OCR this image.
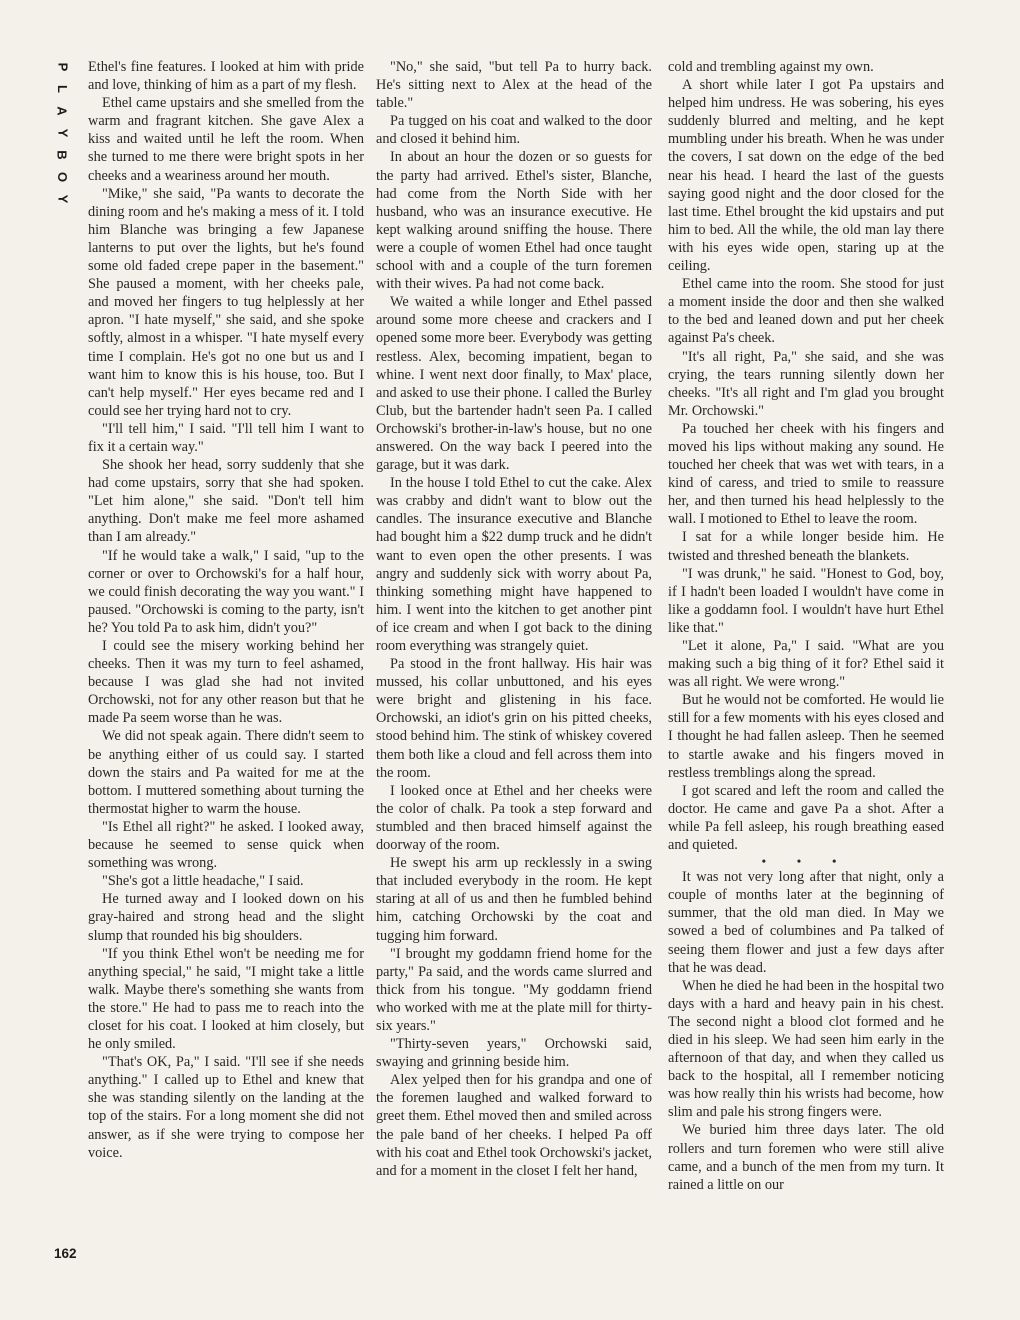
P
L
A
Y
B
O
Y
162

Ethel's fine features. I looked at him with pride and love, thinking of him as a part of my flesh.

Ethel came upstairs and she smelled from the warm and fragrant kitchen. She gave Alex a kiss and waited until he left the room. When she turned to me there were bright spots in her cheeks and a weariness around her mouth.

"Mike," she said, "Pa wants to decorate the dining room and he's making a mess of it. I told him Blanche was bringing a few Japanese lanterns to put over the lights, but he's found some old faded crepe paper in the basement." She paused a moment, with her cheeks pale, and moved her fingers to tug helplessly at her apron. "I hate myself," she said, and she spoke softly, almost in a whisper. "I hate myself every time I complain. He's got no one but us and I want him to know this is his house, too. But I can't help myself." Her eyes became red and I could see her trying hard not to cry.

"I'll tell him," I said. "I'll tell him I want to fix it a certain way."

She shook her head, sorry suddenly that she had come upstairs, sorry that she had spoken. "Let him alone," she said. "Don't tell him anything. Don't make me feel more ashamed than I am already."

"If he would take a walk," I said, "up to the corner or over to Orchowski's for a half hour, we could finish decorating the way you want." I paused. "Orchowski is coming to the party, isn't he? You told Pa to ask him, didn't you?"

I could see the misery working behind her cheeks. Then it was my turn to feel ashamed, because I was glad she had not invited Orchowski, not for any other reason but that he made Pa seem worse than he was.

We did not speak again. There didn't seem to be anything either of us could say. I started down the stairs and Pa waited for me at the bottom. I muttered something about turning the thermostat higher to warm the house.

"Is Ethel all right?" he asked. I looked away, because he seemed to sense quick when something was wrong.

"She's got a little headache," I said.

He turned away and I looked down on his gray-haired and strong head and the slight slump that rounded his big shoulders.

"If you think Ethel won't be needing me for anything special," he said, "I might take a little walk. Maybe there's something she wants from the store." He had to pass me to reach into the closet for his coat. I looked at him closely, but he only smiled.

"That's OK, Pa," I said. "I'll see if she needs anything." I called up to Ethel and knew that she was standing silently on the landing at the top of the stairs. For a long moment she did not answer, as if she were trying to compose her voice.

"No," she said, "but tell Pa to hurry back. He's sitting next to Alex at the head of the table."

Pa tugged on his coat and walked to the door and closed it behind him.

In about an hour the dozen or so guests for the party had arrived. Ethel's sister, Blanche, had come from the North Side with her husband, who was an insurance executive. He kept walking around sniffing the house. There were a couple of women Ethel had once taught school with and a couple of the turn foremen with their wives. Pa had not come back.

We waited a while longer and Ethel passed around some more cheese and crackers and I opened some more beer. Everybody was getting restless. Alex, becoming impatient, began to whine. I went next door finally, to Max' place, and asked to use their phone. I called the Burley Club, but the bartender hadn't seen Pa. I called Orchowski's brother-in-law's house, but no one answered. On the way back I peered into the garage, but it was dark.

In the house I told Ethel to cut the cake. Alex was crabby and didn't want to blow out the candles. The insurance executive and Blanche had bought him a $22 dump truck and he didn't want to even open the other presents. I was angry and suddenly sick with worry about Pa, thinking something might have happened to him. I went into the kitchen to get another pint of ice cream and when I got back to the dining room everything was strangely quiet.

Pa stood in the front hallway. His hair was mussed, his collar unbuttoned, and his eyes were bright and glistening in his face. Orchowski, an idiot's grin on his pitted cheeks, stood behind him. The stink of whiskey covered them both like a cloud and fell across them into the room.

I looked once at Ethel and her cheeks were the color of chalk. Pa took a step forward and stumbled and then braced himself against the doorway of the room.

He swept his arm up recklessly in a swing that included everybody in the room. He kept staring at all of us and then he fumbled behind him, catching Orchowski by the coat and tugging him forward.

"I brought my goddamn friend home for the party," Pa said, and the words came slurred and thick from his tongue. "My goddamn friend who worked with me at the plate mill for thirty-six years."

"Thirty-seven years," Orchowski said, swaying and grinning beside him.

Alex yelped then for his grandpa and one of the foremen laughed and walked forward to greet them. Ethel moved then and smiled across the pale band of her cheeks. I helped Pa off with his coat and Ethel took Orchowski's jacket, and for a moment in the closet I felt her hand,

cold and trembling against my own.

A short while later I got Pa upstairs and helped him undress. He was sobering, his eyes suddenly blurred and melting, and he kept mumbling under his breath. When he was under the covers, I sat down on the edge of the bed near his head. I heard the last of the guests saying good night and the door closed for the last time. Ethel brought the kid upstairs and put him to bed. All the while, the old man lay there with his eyes wide open, staring up at the ceiling.

Ethel came into the room. She stood for just a moment inside the door and then she walked to the bed and leaned down and put her cheek against Pa's cheek.

"It's all right, Pa," she said, and she was crying, the tears running silently down her cheeks. "It's all right and I'm glad you brought Mr. Orchowski."

Pa touched her cheek with his fingers and moved his lips without making any sound. He touched her cheek that was wet with tears, in a kind of caress, and tried to smile to reassure her, and then turned his head helplessly to the wall. I motioned to Ethel to leave the room.

I sat for a while longer beside him. He twisted and threshed beneath the blankets.

"I was drunk," he said. "Honest to God, boy, if I hadn't been loaded I wouldn't have come in like a goddamn fool. I wouldn't have hurt Ethel like that."

"Let it alone, Pa," I said. "What are you making such a big thing of it for? Ethel said it was all right. We were wrong."

But he would not be comforted. He would lie still for a few moments with his eyes closed and I thought he had fallen asleep. Then he seemed to startle awake and his fingers moved in restless tremblings along the spread.

I got scared and left the room and called the doctor. He came and gave Pa a shot. After a while Pa fell asleep, his rough breathing eased and quieted.

• • •

It was not very long after that night, only a couple of months later at the beginning of summer, that the old man died. In May we sowed a bed of columbines and Pa talked of seeing them flower and just a few days after that he was dead.

When he died he had been in the hospital two days with a hard and heavy pain in his chest. The second night a blood clot formed and he died in his sleep. We had seen him early in the afternoon of that day, and when they called us back to the hospital, all I remember noticing was how really thin his wrists had become, how slim and pale his strong fingers were.

We buried him three days later. The old rollers and turn foremen who were still alive came, and a bunch of the men from my turn. It rained a little on our
